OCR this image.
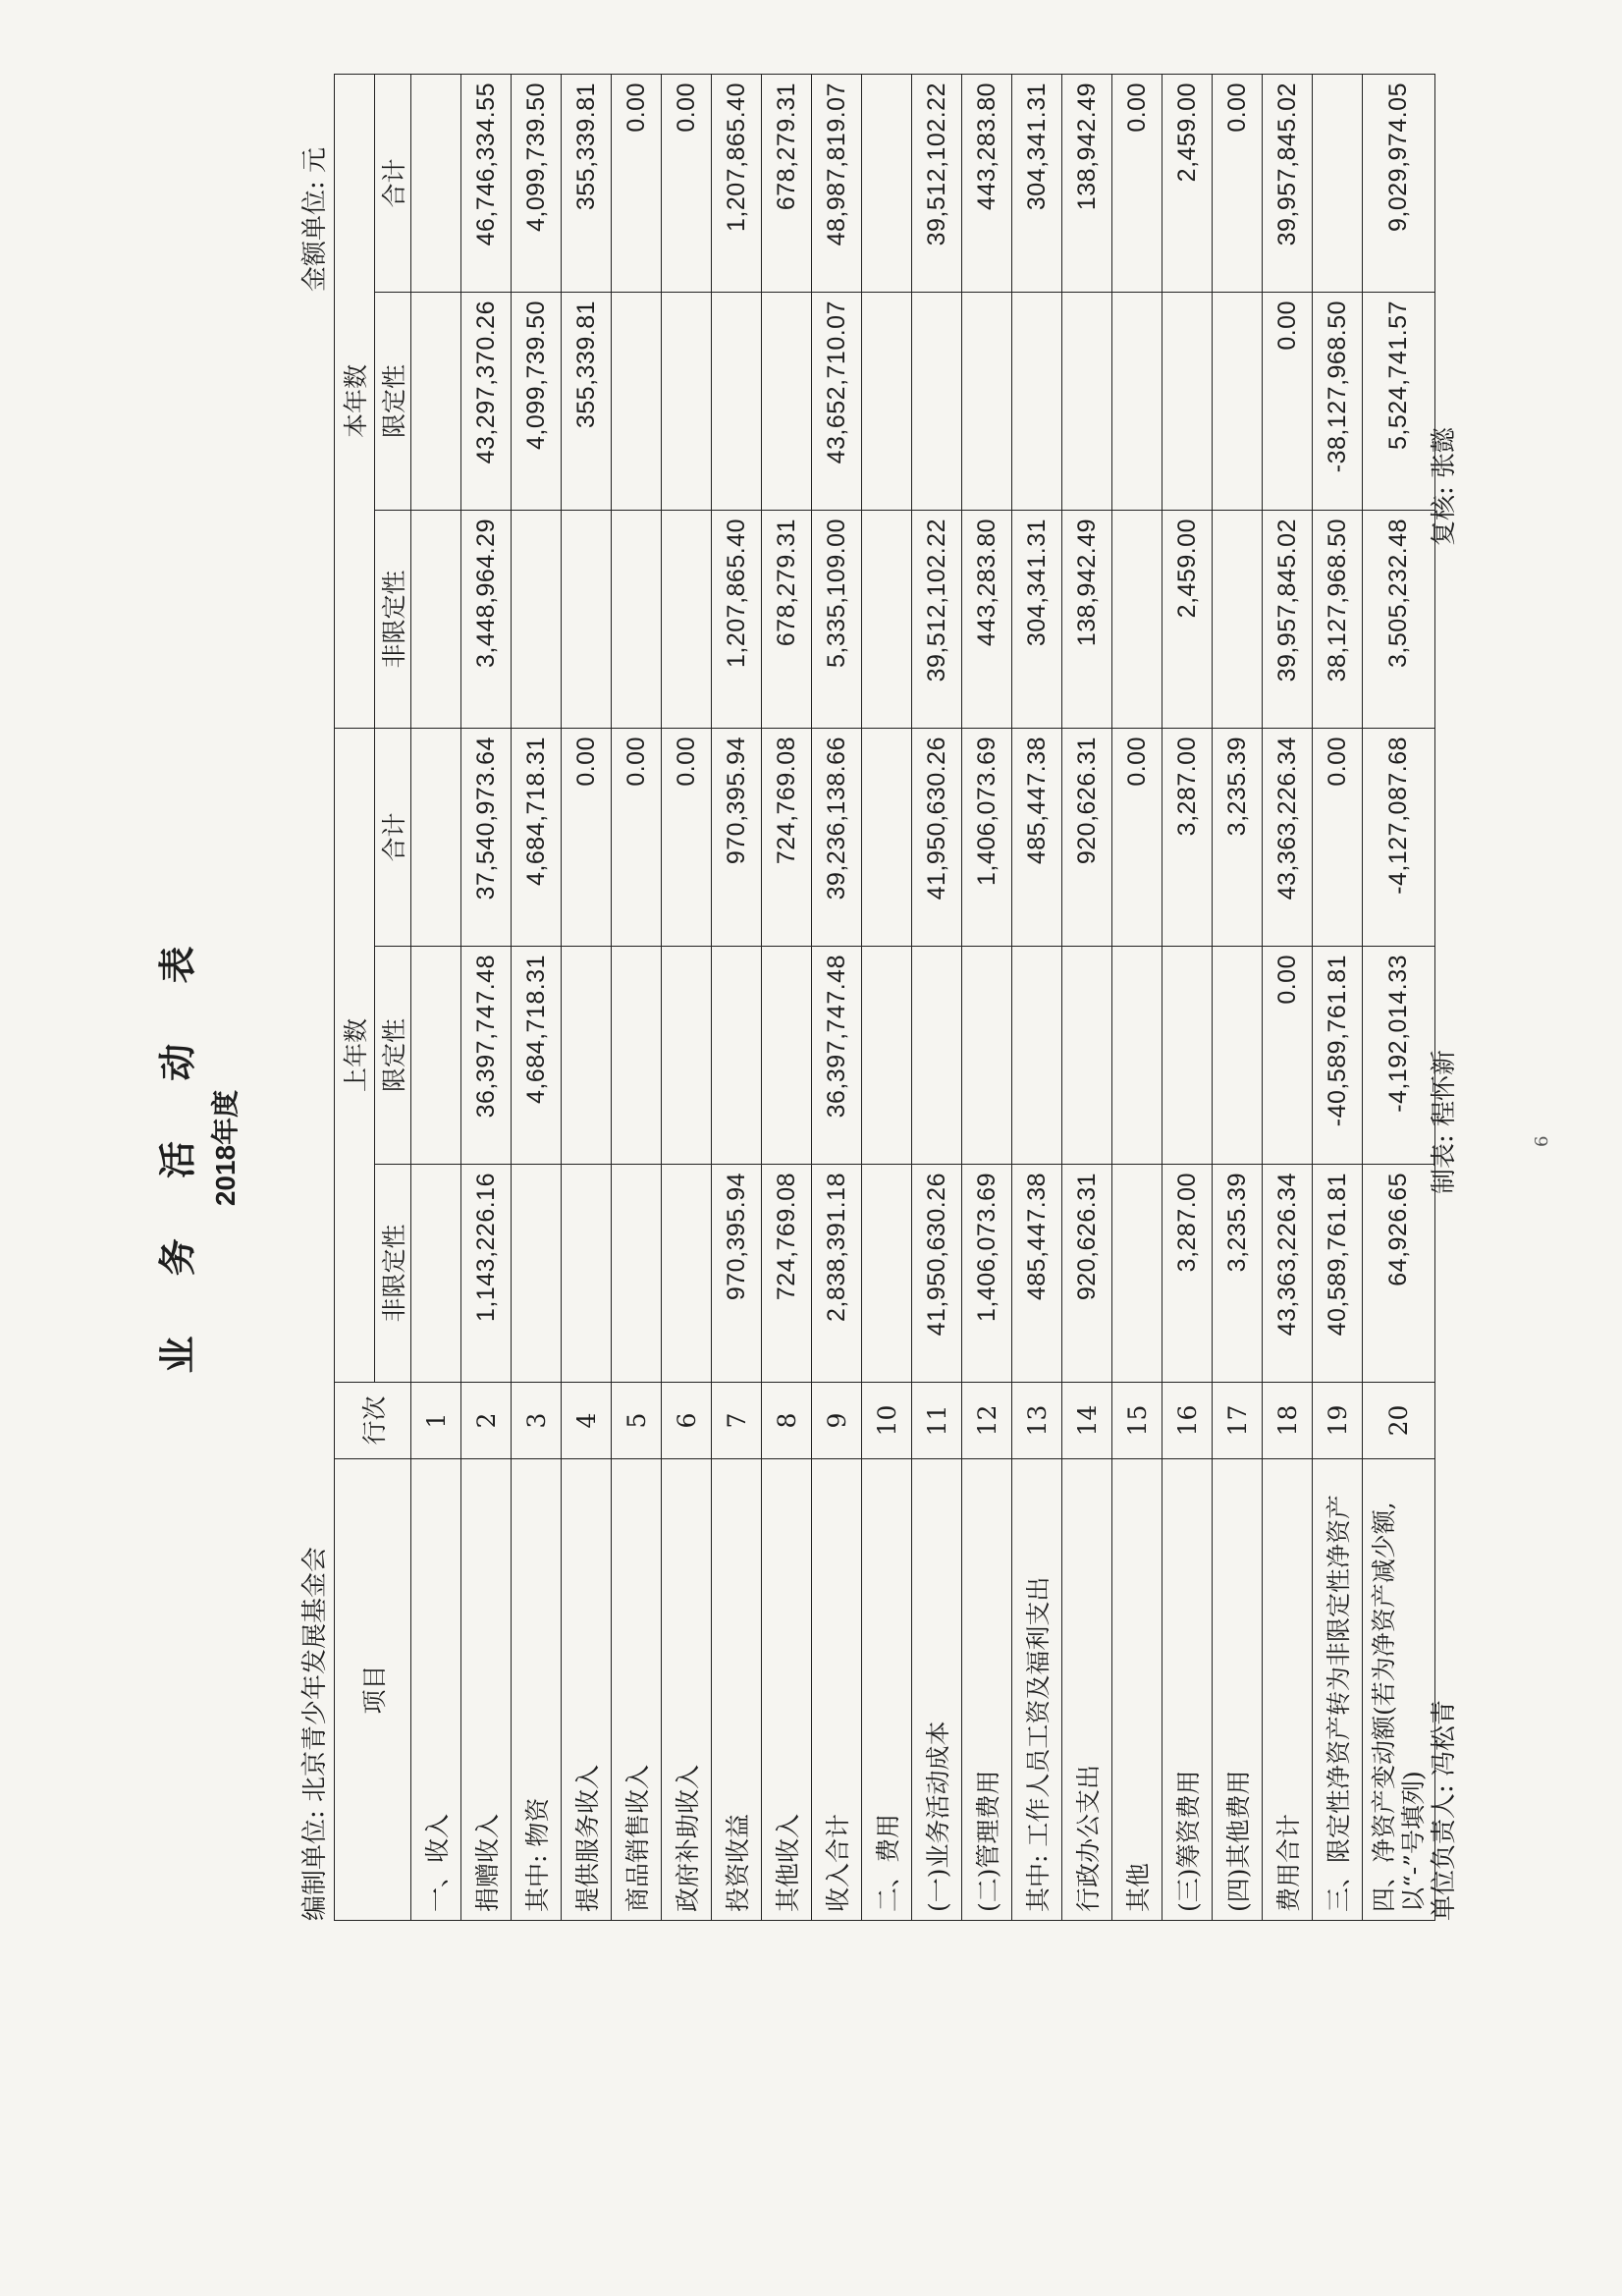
业 务 活 动 表 2018年度
编制单位: 北京青少年发展基金会
金额单位: 元
项目	行次	上年数			本年数		
		非限定性	限定性	合计	非限定性	限定性	合计
一、收入	1						
捐赠收入	2	1,143,226.16	36,397,747.48	37,540,973.64	3,448,964.29	43,297,370.26	46,746,334.55
其中: 物资	3		4,684,718.31	4,684,718.31		4,099,739.50	4,099,739.50
提供服务收入	4			0.00		355,339.81	355,339.81
商品销售收入	5			0.00			0.00
政府补助收入	6			0.00			0.00
投资收益	7	970,395.94		970,395.94	1,207,865.40		1,207,865.40
其他收入	8	724,769.08		724,769.08	678,279.31		678,279.31
收入合计	9	2,838,391.18	36,397,747.48	39,236,138.66	5,335,109.00	43,652,710.07	48,987,819.07
二、费用	10						
(一)业务活动成本	11	41,950,630.26		41,950,630.26	39,512,102.22		39,512,102.22
(二)管理费用	12	1,406,073.69		1,406,073.69	443,283.80		443,283.80
其中: 工作人员工资及福利支出	13	485,447.38		485,447.38	304,341.31		304,341.31
行政办公支出	14	920,626.31		920,626.31	138,942.49		138,942.49
其他	15			0.00			0.00
(三)筹资费用	16	3,287.00		3,287.00	2,459.00		2,459.00
(四)其他费用	17	3,235.39		3,235.39			0.00
费用合计	18	43,363,226.34	0.00	43,363,226.34	39,957,845.02	0.00	39,957,845.02
三、限定性净资产转为非限定性净资产	19	40,589,761.81	-40,589,761.81	0.00	38,127,968.50	-38,127,968.50	
四、净资产变动额(若为净资产减少额,以“-”号填列)	20	64,926.65	-4,192,014.33	-4,127,087.68	3,505,232.48	5,524,741.57	9,029,974.05
单位负责人: 冯松青
制表: 程怀新
复核: 张懿
6
